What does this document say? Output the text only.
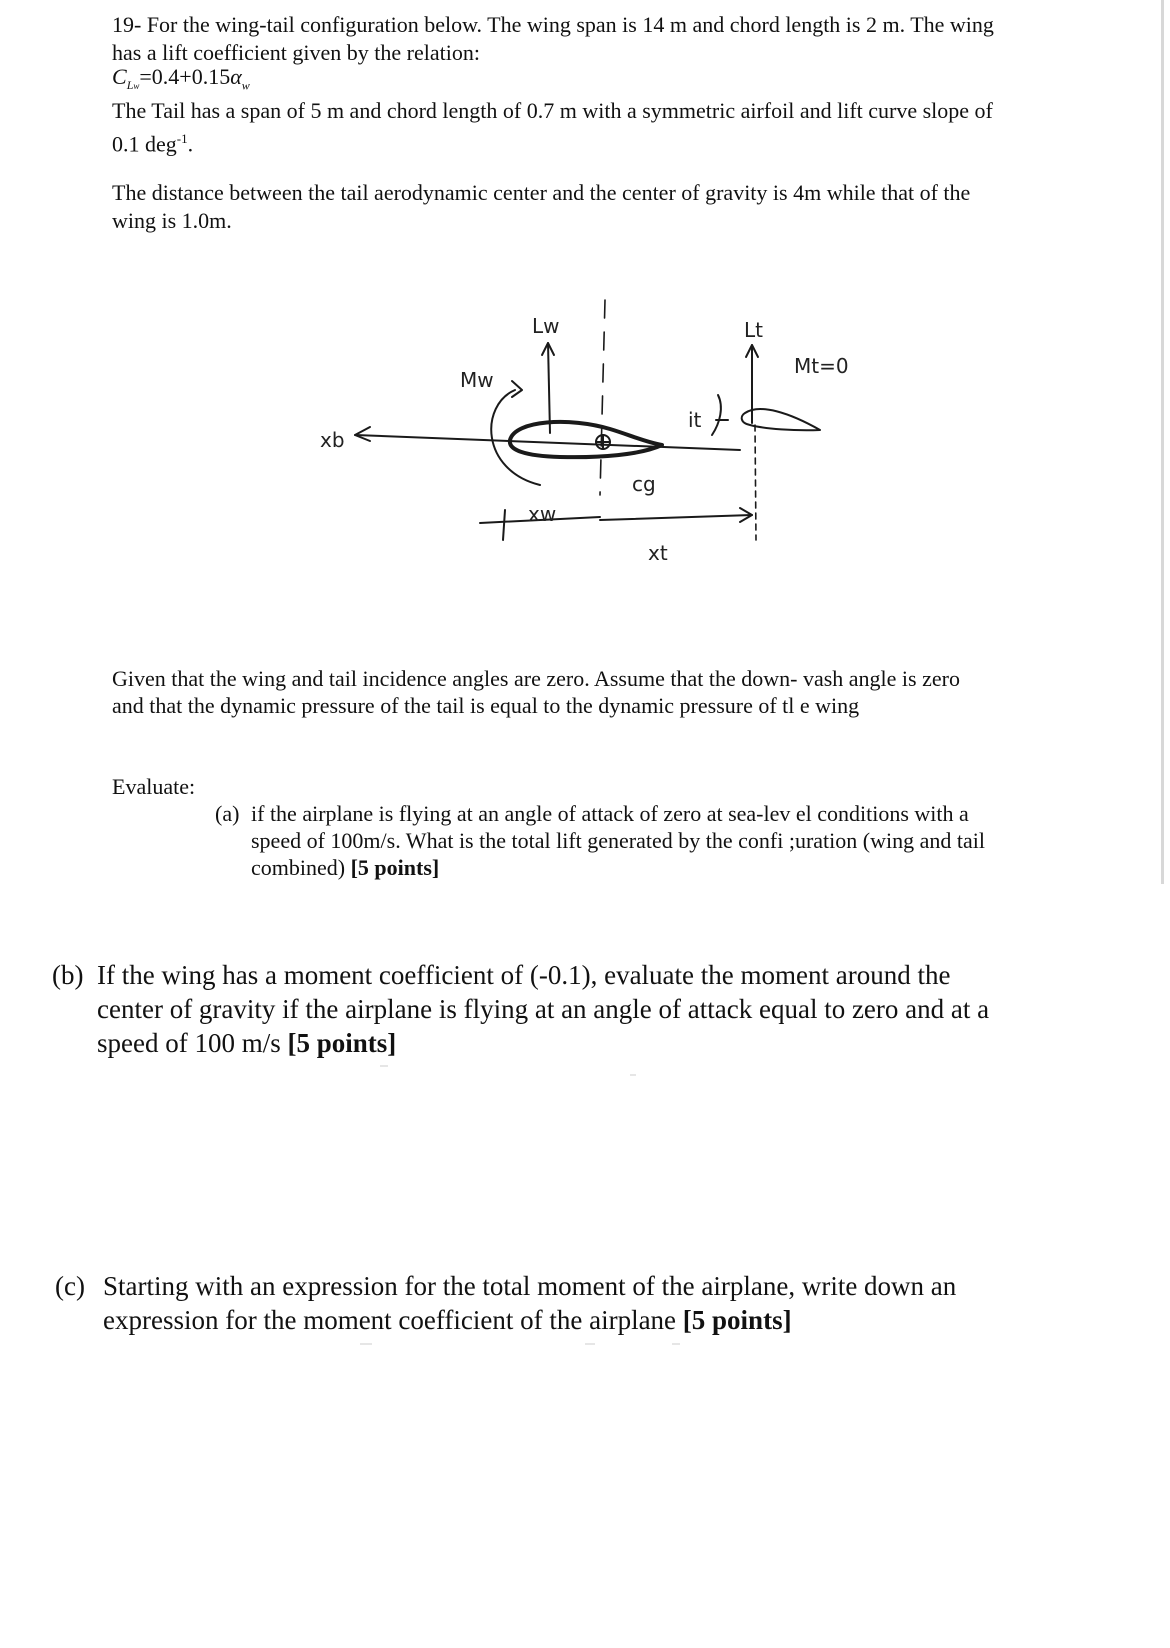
19- For the wing-tail configuration below. The wing span is 14 m and chord length is 2 m. The wing

has a lift coefficient given by the relation:

$C_{Lw}=0.4+0.15\alpha_w$

The Tail has a span of 5 m and chord length of 0.7 m with a symmetric airfoil and lift curve slope of

0.1 deg$^{-1}$.

The distance between the tail aerodynamic center and the center of gravity is 4m while that of the

wing is 1.0m.

Lw	Lt
Mw
Mt=0
it
xb
cg
xw
xt

Given that the wing and tail incidence angles are zero. Assume that the down- vash angle is zero

and that the dynamic pressure of the tail is equal to the dynamic pressure of tl e wing

Evaluate:

(a) if the airplane is flying at an angle of attack of zero at sea-lev el conditions with a

speed of 100m/s. What is the total lift generated by the confi ;uration (wing and tail

combined) [5 points]

(b) If the wing has a moment coefficient of (-0.1), evaluate the moment around the

center of gravity if the airplane is flying at an angle of attack equal to zero and at a

speed of 100 m/s [5 points]

(c) Starting with an expression for the total moment of the airplane, write down an

expression for the moment coefficient of the airplane [5 points]
